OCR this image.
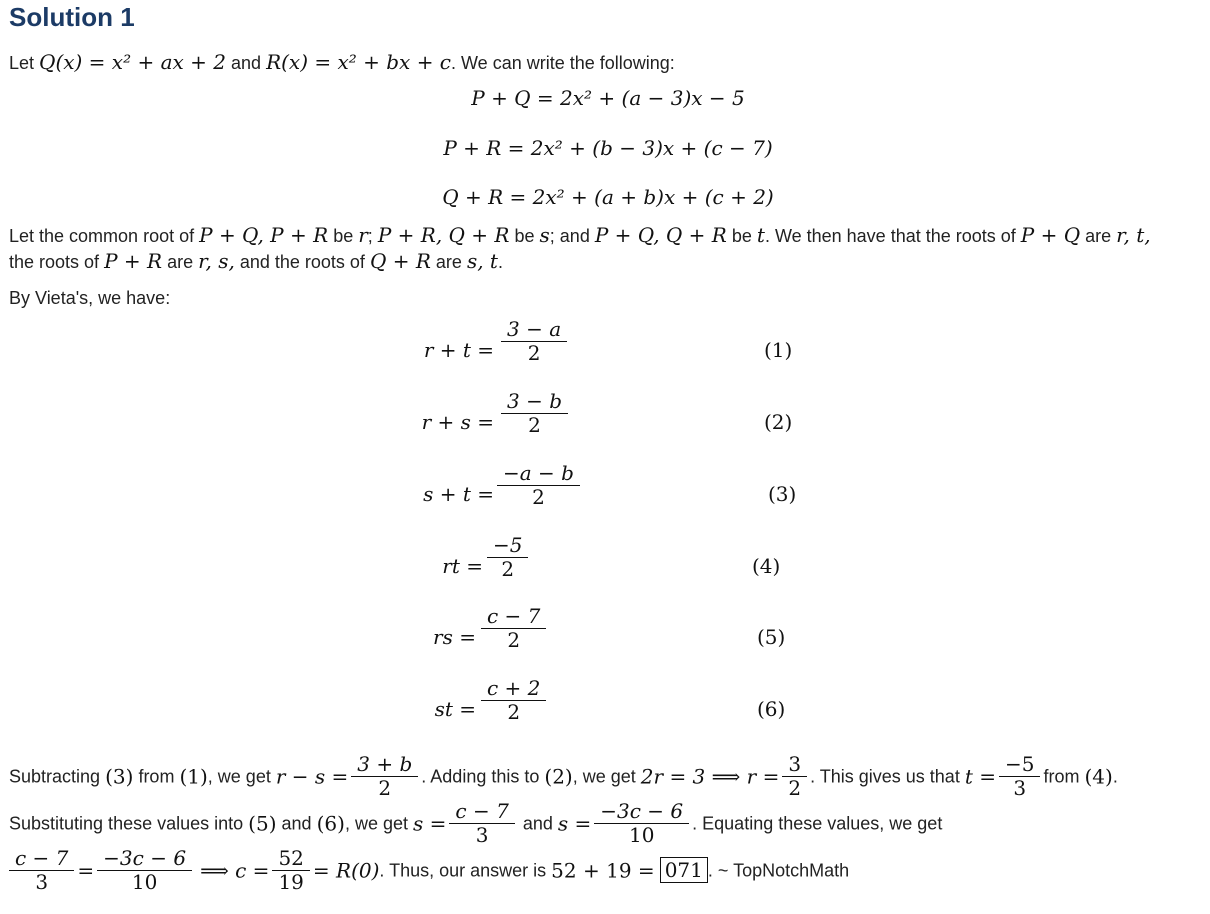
Solution 1
Let Q(x) = x² + ax + 2 and R(x) = x² + bx + c. We can write the following:
P + Q = 2x² + (a − 3)x − 5
P + R = 2x² + (b − 3)x + (c − 7)
Q + R = 2x² + (a + b)x + (c + 2)
Let the common root of P + Q, P + R be r; P + R, Q + R be s; and P + Q, Q + R be t. We then have that the roots of P + Q are r, t,
the roots of P + R are r, s, and the roots of Q + R are s, t.
By Vieta's, we have:
$r + t = \frac{3 - a}{2}$	(1)
$r + s = \frac{3 - b}{2}$	(2)
$s + t = \frac{-a - b}{2}$	(3)
rt = $\frac{-5}{2}$	(4)
rs = $\frac{c - 7}{2}$	(5)
st = $\frac{c + 2}{2}$	(6)
Subtracting (3) from (1), we get $r - s = \frac{3 + b}{2}$ . Adding this to (2), we get 2r = 3 ⟹ $r = \frac{3}{2}$ . This gives us that $t = \frac{-5}{3}$ from (4).
Substituting these values into (5) and (6), we get $s = \frac{c - 7}{3}$ and $s = \frac{-3c - 6}{10}$ . Equating these values, we get
$\frac{c - 7}{3} = \frac{-3c - 6}{10}$ ⟹ $c = \frac{52}{19} = R(0)$. Thus, our answer is 52 + 19 = 071 . ~ TopNotchMath
